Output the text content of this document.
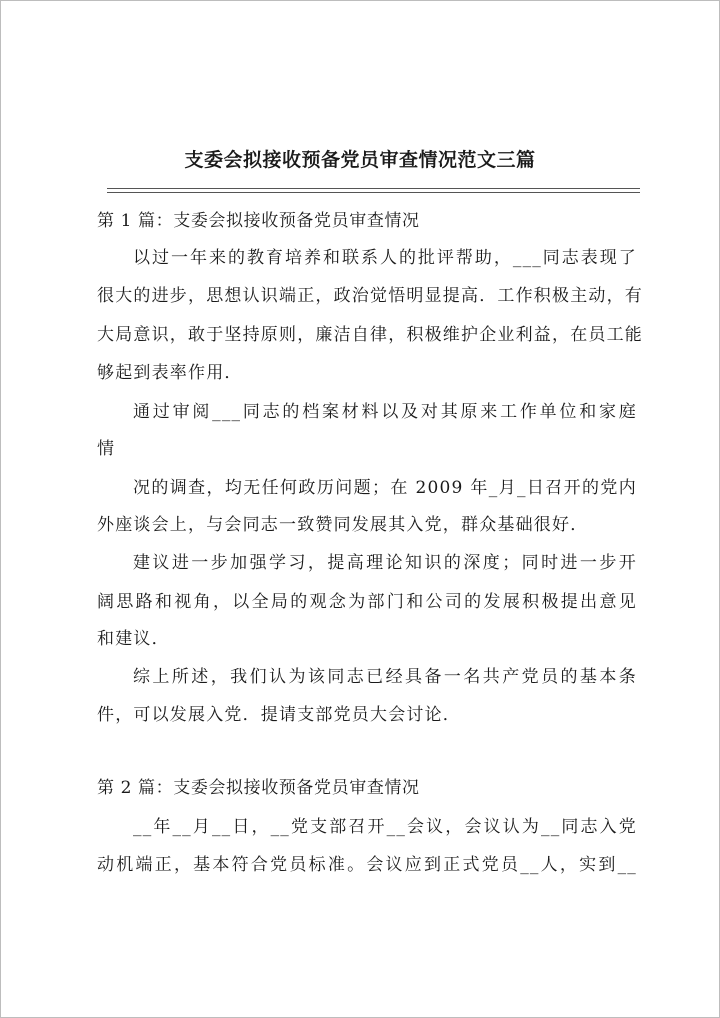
支委会拟接收预备党员审查情况范文三篇
第 1 篇：支委会拟接收预备党员审查情况
以过一年来的教育培养和联系人的批评帮助，___同志表现了
很大的进步，思想认识端正，政治觉悟明显提高．工作积极主动，有
大局意识，敢于坚持原则，廉洁自律，积极维护企业利益，在员工能
够起到表率作用．
通过审阅___同志的档案材料以及对其原来工作单位和家庭
情
况的调查，均无任何政历问题；在 2009 年_月_日召开的党内
外座谈会上，与会同志一致赞同发展其入党，群众基础很好．
建议进一步加强学习，提高理论知识的深度；同时进一步开
阔思路和视角，以全局的观念为部门和公司的发展积极提出意见
和建议．
综上所述，我们认为该同志已经具备一名共产党员的基本条
件，可以发展入党．提请支部党员大会讨论．
第 2 篇：支委会拟接收预备党员审查情况
__年__月__日，__党支部召开__会议，会议认为__同志入党
动机端正，基本符合党员标准。会议应到正式党员__人，实到__
